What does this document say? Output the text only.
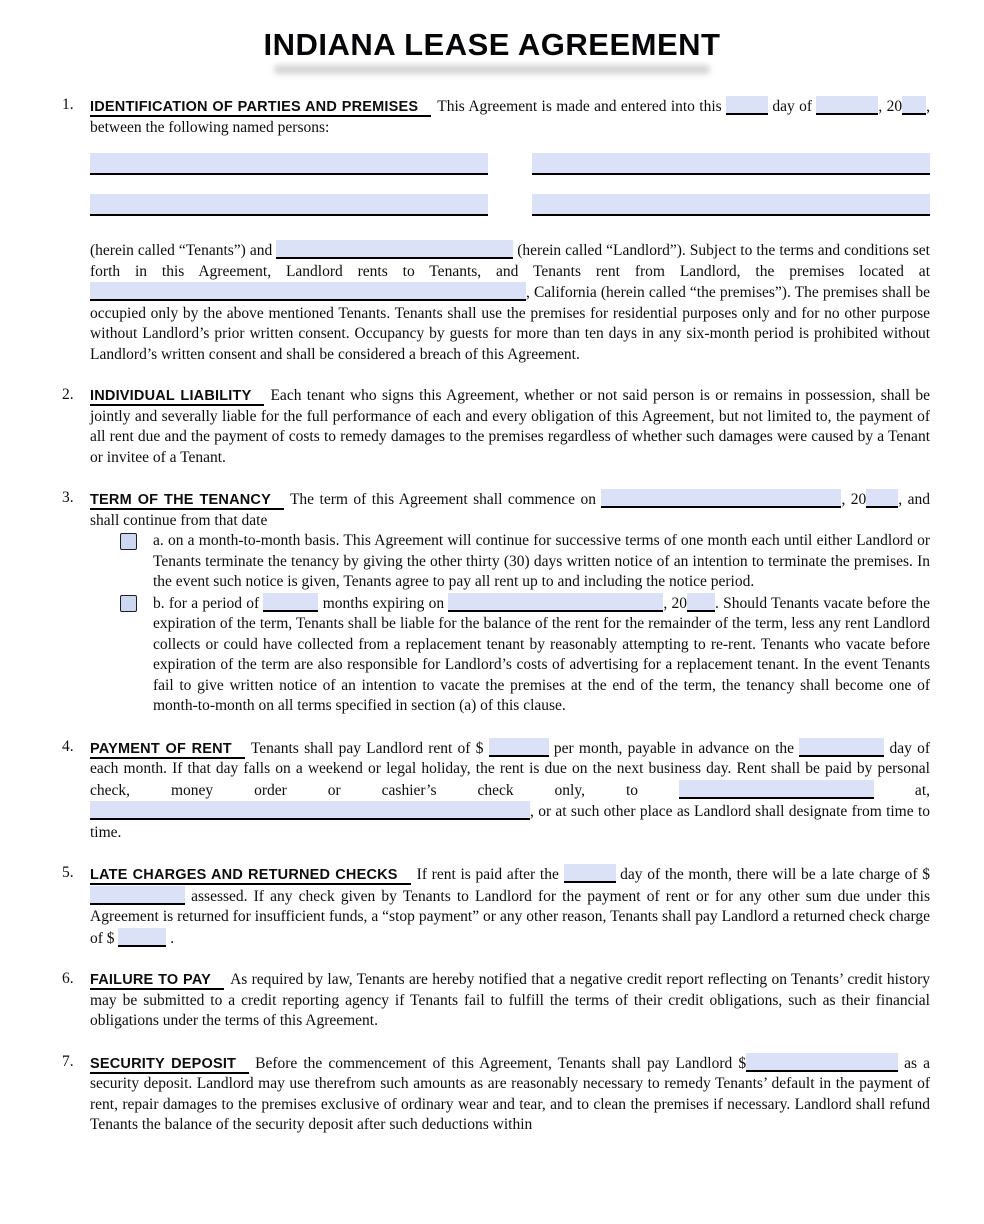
INDIANA LEASE AGREEMENT
1. IDENTIFICATION OF PARTIES AND PREMISES This Agreement is made and entered into this	day of	, 20 , between the following named persons:
(herein called “Tenants”) and	(herein called “Landlord”). Subject to the terms and conditions set forth in this Agreement, Landlord rents to Tenants, and Tenants rent from Landlord, the premises located at , California (herein called “the premises”). The premises shall be occupied only by the above mentioned Tenants. Tenants shall use the premises for residential purposes only and for no other purpose without Landlord’s prior written consent. Occupancy by guests for more than ten days in any six-month period is prohibited without Landlord’s written consent and shall be considered a breach of this Agreement.
2. INDIVIDUAL LIABILITY Each tenant who signs this Agreement, whether or not said person is or remains in possession, shall be jointly and severally liable for the full performance of each and every obligation of this Agreement, but not limited to, the payment of all rent due and the payment of costs to remedy damages to the premises regardless of whether such damages were caused by a Tenant or invitee of a Tenant.
3. TERM OF THE TENANCY The term of this Agreement shall commence on	, 20 , and shall continue from that date
a. on a month-to-month basis. This Agreement will continue for successive terms of one month each until either Landlord or Tenants terminate the tenancy by giving the other thirty (30) days written notice of an intention to terminate the premises. In the event such notice is given, Tenants agree to pay all rent up to and including the notice period.
b. for a period of	months expiring on	, 20 . Should Tenants vacate before the expiration of the term, Tenants shall be liable for the balance of the rent for the remainder of the term, less any rent Landlord collects or could have collected from a replacement tenant by reasonably attempting to re-rent. Tenants who vacate before expiration of the term are also responsible for Landlord’s costs of advertising for a replacement tenant. In the event Tenants fail to give written notice of an intention to vacate the premises at the end of the term, the tenancy shall become one of month-to-month on all terms specified in section (a) of this clause.
4. PAYMENT OF RENT Tenants shall pay Landlord rent of $	per month, payable in advance on the	day of each month. If that day falls on a weekend or legal holiday, the rent is due on the next business day. Rent shall be paid by personal check, money order or cashier’s check only, to	at, , or at such other place as Landlord shall designate from time to time.
5. LATE CHARGES AND RETURNED CHECKS If rent is paid after the	day of the month, there will be a late charge of $  assessed. If any check given by Tenants to Landlord for the payment of rent or for any other sum due under this Agreement is returned for insufficient funds, a “stop payment” or any other reason, Tenants shall pay Landlord a returned check charge of $	.
6. FAILURE TO PAY As required by law, Tenants are hereby notified that a negative credit report reflecting on Tenants’ credit history may be submitted to a credit reporting agency if Tenants fail to fulfill the terms of their credit obligations, such as their financial obligations under the terms of this Agreement.
7. SECURITY DEPOSIT Before the commencement of this Agreement, Tenants shall pay Landlord $	as a security deposit. Landlord may use therefrom such amounts as are reasonably necessary to remedy Tenants’ default in the payment of rent, repair damages to the premises exclusive of ordinary wear and tear, and to clean the premises if necessary. Landlord shall refund Tenants the balance of the security deposit after such deductions within
